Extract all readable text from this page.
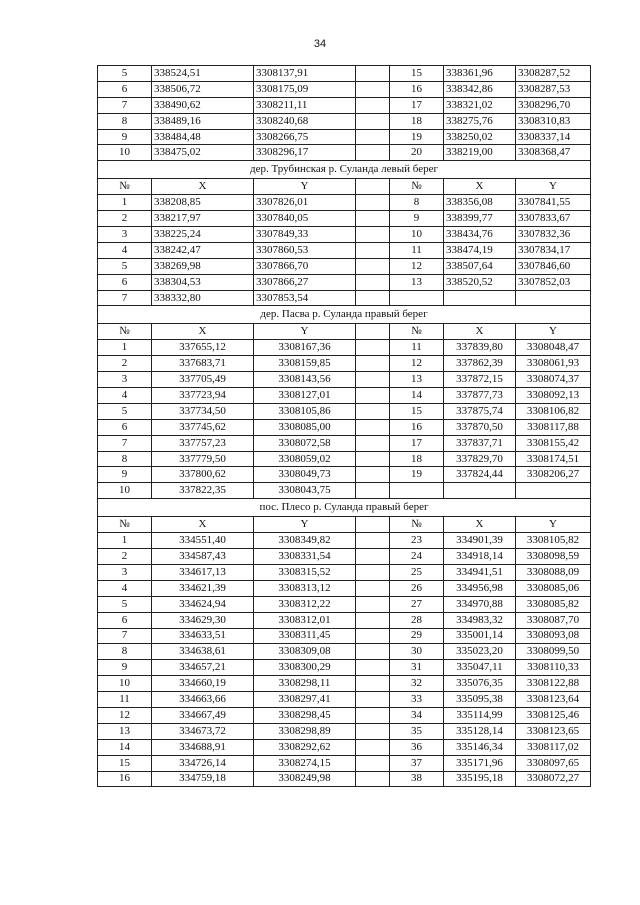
34
5	338524,51	3308137,91		15	338361,96	3308287,52
6	338506,72	3308175,09		16	338342,86	3308287,53
7	338490,62	3308211,11		17	338321,02	3308296,70
8	338489,16	3308240,68		18	338275,76	3308310,83
9	338484,48	3308266,75		19	338250,02	3308337,14
10	338475,02	3308296,17		20	338219,00	3308368,47
дер. Трубинская р. Суланда левый берег						
№	X	Y		№	X	Y
1	338208,85	3307826,01		8	338356,08	3307841,55
2	338217,97	3307840,05		9	338399,77	3307833,67
3	338225,24	3307849,33		10	338434,76	3307832,36
4	338242,47	3307860,53		11	338474,19	3307834,17
5	338269,98	3307866,70		12	338507,64	3307846,60
6	338304,53	3307866,27		13	338520,52	3307852,03
7	338332,80	3307853,54				
дер. Пасва р. Суланда правый берег						
№	X	Y		№	X	Y
1	337655,12	3308167,36		11	337839,80	3308048,47
2	337683,71	3308159,85		12	337862,39	3308061,93
3	337705,49	3308143,56		13	337872,15	3308074,37
4	337723,94	3308127,01		14	337877,73	3308092,13
5	337734,50	3308105,86		15	337875,74	3308106,82
6	337745,62	3308085,00		16	337870,50	3308117,88
7	337757,23	3308072,58		17	337837,71	3308155,42
8	337779,50	3308059,02		18	337829,70	3308174,51
9	337800,62	3308049,73		19	337824,44	3308206,27
10	337822,35	3308043,75				
пос. Плесо р. Суланда правый берег						
№	X	Y		№	X	Y
1	334551,40	3308349,82		23	334901,39	3308105,82
2	334587,43	3308331,54		24	334918,14	3308098,59
3	334617,13	3308315,52		25	334941,51	3308088,09
4	334621,39	3308313,12		26	334956,98	3308085,06
5	334624,94	3308312,22		27	334970,88	3308085,82
6	334629,30	3308312,01		28	334983,32	3308087,70
7	334633,51	3308311,45		29	335001,14	3308093,08
8	334638,61	3308309,08		30	335023,20	3308099,50
9	334657,21	3308300,29		31	335047,11	3308110,33
10	334660,19	3308298,11		32	335076,35	3308122,88
11	334663,66	3308297,41		33	335095,38	3308123,64
12	334667,49	3308298,45		34	335114,99	3308125,46
13	334673,72	3308298,89		35	335128,14	3308123,65
14	334688,91	3308292,62		36	335146,34	3308117,02
15	334726,14	3308274,15		37	335171,96	3308097,65
16	334759,18	3308249,98		38	335195,18	3308072,27
